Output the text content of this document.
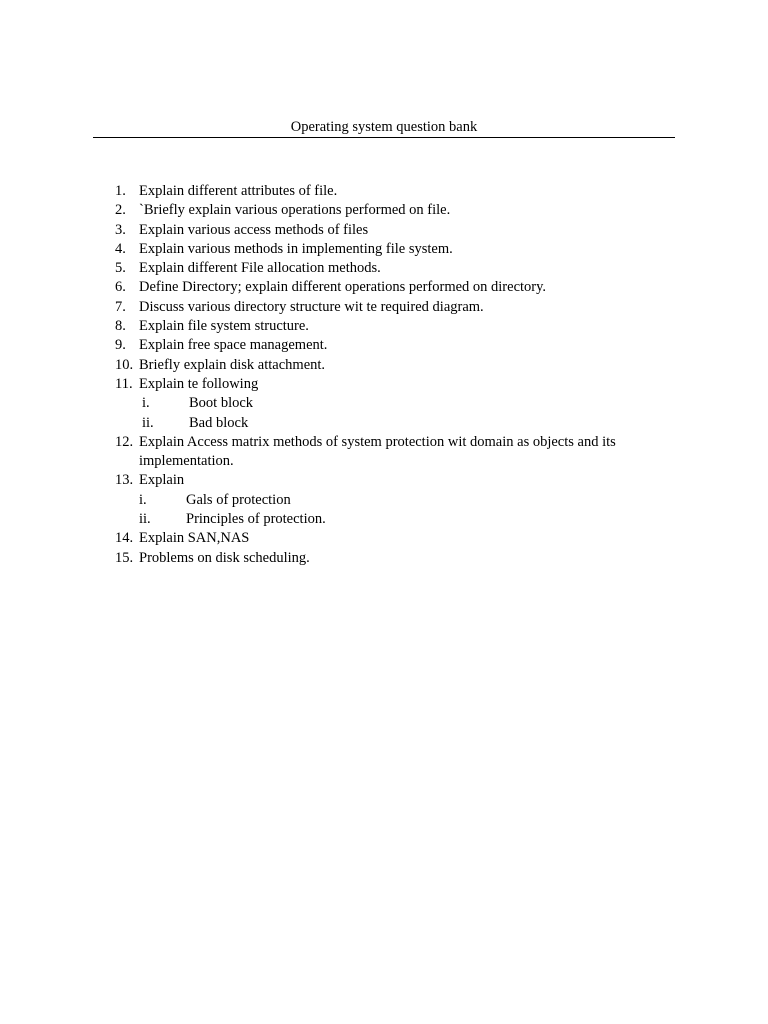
Operating system question bank
1. Explain different attributes of file.
2. `Briefly explain various operations performed on file.
3. Explain various access methods of files
4. Explain various methods in implementing file system.
5. Explain different File allocation methods.
6. Define Directory; explain different operations performed on directory.
7. Discuss various directory structure wit te required diagram.
8. Explain file system structure.
9. Explain free space management.
10. Briefly explain disk attachment.
11. Explain te following
i.	Boot block
ii. Bad block
12. Explain Access matrix methods of system protection wit domain as objects and its implementation.
13. Explain
i.	Gals of protection
ii. Principles of protection.
14. Explain SAN,NAS
15. Problems on disk scheduling.
